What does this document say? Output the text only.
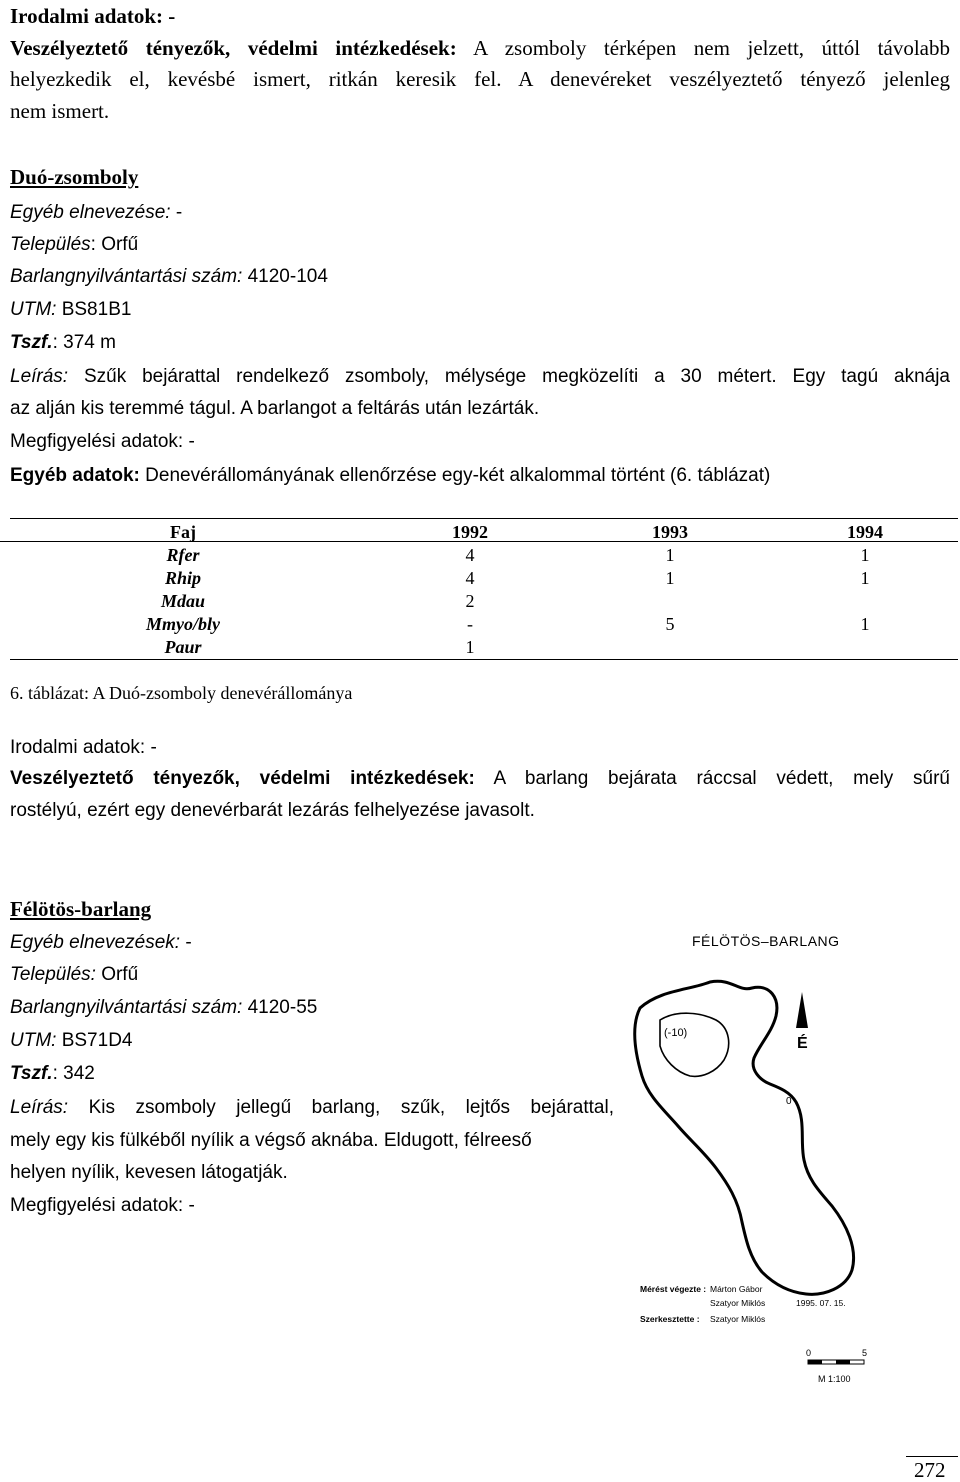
Irodalmi adatok: -
Veszélyeztető tényezők, védelmi intézkedések: A zsomboly térképen nem jelzett, úttól távolabb
helyezkedik el, kevésbé ismert, ritkán keresik fel. A denevéreket veszélyeztető tényező jelenleg
nem ismert.
Duó-zsomboly
Egyéb elnevezése: -
Település: Orfű
Barlangnyilvántartási szám: 4120-104
UTM: BS81B1
Tszf.: 374 m
Leírás: Szűk bejárattal rendelkező zsomboly, mélysége megközelíti a 30 métert. Egy tagú aknája
az alján kis teremmé tágul. A barlangot a feltárás után lezárták.
Megfigyelési adatok: -
Egyéb adatok: Denevérállományának ellenőrzése egy-két alkalommal történt (6. táblázat)
Faj	1992	1993	1994
Rfer	4	1	1
Rhip	4	1	1
Mdau	2
Mmyo/bly	-	5	1
Paur	1
6. táblázat: A Duó-zsomboly denevérállománya
Irodalmi adatok: -
Veszélyeztető tényezők, védelmi intézkedések: A barlang bejárata ráccsal védett, mely sűrű
rostélyú, ezért egy denevérbarát lezárás felhelyezése javasolt.
Félötös-barlang
Egyéb elnevezések: -
Település: Orfű
Barlangnyilvántartási szám: 4120-55
UTM: BS71D4
Tszf.: 342
Leírás: Kis zsomboly jellegű barlang, szűk, lejtős bejárattal,
mely egy kis fülkéből nyílik a végső aknába. Eldugott, félreeső
helyen nyílik, kevesen látogatják.
Megfigyelési adatok: -
FÉLÖTÖS–BARLANG
É
(-10)
0
Mérést végezte : Márton Gábor
Szatyor Miklós	1995. 07. 15.
Szerkesztette : Szatyor Miklós
0	5
M 1:100
272
